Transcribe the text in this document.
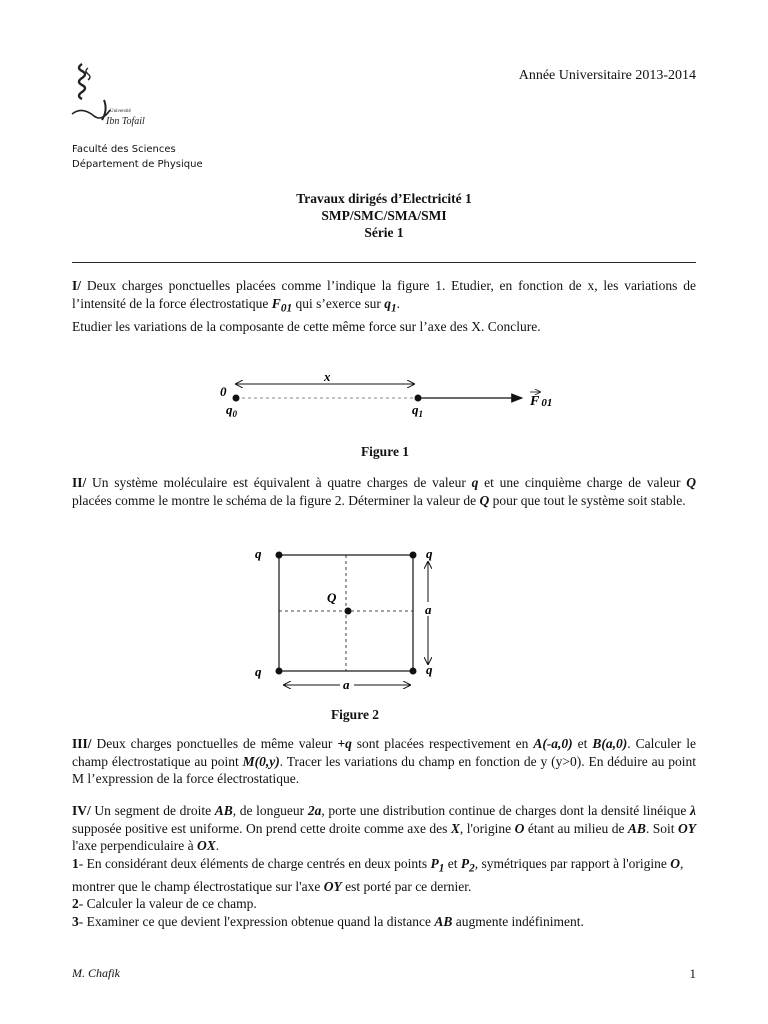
Année Universitaire 2013-2014
Université
Ibn Tofail
Faculté des Sciences
Département de Physique
Travaux dirigés d’Electricité 1
SMP/SMC/SMA/SMI
Série 1

I/ Deux charges ponctuelles placées comme l’indique la figure 1. Etudier, en fonction de x, les variations de l’intensité de la force électrostatique $F_{01}$ qui s’exerce sur $q_1$.

Etudier les variations de la composante de cette même force sur l’axe des X. Conclure.

x
0
$q_0$	$q_1$
F 01
Figure 1

II/ Un système moléculaire est équivalent à quatre charges de valeur q et une cinquième charge de valeur Q placées comme le montre le schéma de la figure 2. Déterminer la valeur de Q pour que tout le système soit stable.

q	q
q	q
Q
a
a
Figure 2

III/ Deux charges ponctuelles de même valeur +q sont placées respectivement en A(-a,0) et B(a,0). Calculer le champ électrostatique au point M(0,y). Tracer les variations du champ en fonction de y (y>0). En déduire au point M l’expression de la force électrostatique.

IV/ Un segment de droite AB, de longueur 2a, porte une distribution continue de charges dont la densité linéique λ supposée positive est uniforme. On prend cette droite comme axe des X, l'origine O étant au milieu de AB. Soit OY l'axe perpendiculaire à OX.

1- En considérant deux éléments de charge centrés en deux points $P_1$ et $P_2$, symétriques par rapport à l'origine O, montrer que le champ électrostatique sur l'axe OY est porté par ce dernier.

2- Calculer la valeur de ce champ.

3- Examiner ce que devient l'expression obtenue quand la distance AB augmente indéfiniment.

M. Chafik	1
